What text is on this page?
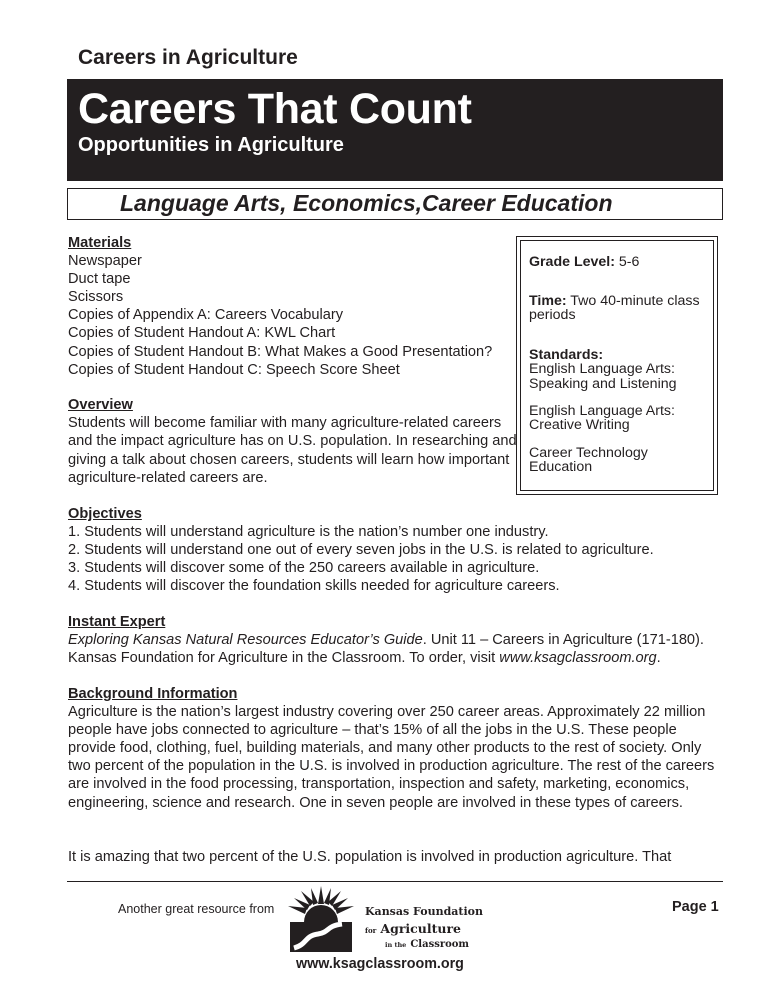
Careers in Agriculture
Careers That Count
Opportunities in Agriculture
Language Arts, Economics,Career Education
Materials
Newspaper
Duct tape
Scissors
Copies of Appendix A: Careers Vocabulary
Copies of Student Handout A: KWL Chart
Copies of Student Handout B: What Makes a Good Presentation?
Copies of Student Handout C: Speech Score Sheet
Grade Level: 5-6
Time: Two 40-minute class periods
Standards:
English Language Arts: Speaking and Listening
English Language Arts: Creative Writing
Career Technology Education
Overview
Students will become familiar with many agriculture-related careers and the impact agriculture has on U.S. population. In researching and giving a talk about chosen careers, students will learn how important agriculture-related careers are.
Objectives
1. Students will understand agriculture is the nation’s number one industry.
2. Students will understand one out of every seven jobs in the U.S. is related to agriculture.
3. Students will discover some of the 250 careers available in agriculture.
4. Students will discover the foundation skills needed for agriculture careers.
Instant Expert
Exploring Kansas Natural Resources Educator’s Guide. Unit 11 – Careers in Agriculture (171-180). Kansas Foundation for Agriculture in the Classroom. To order, visit www.ksagclassroom.org.
Background Information
Agriculture is the nation’s largest industry covering over 250 career areas. Approximately 22 million people have jobs connected to agriculture – that’s 15% of all the jobs in the U.S. These people provide food, clothing, fuel, building materials, and many other products to the rest of society. Only two percent of the population in the U.S. is involved in production agriculture. The rest of the careers are involved in the food processing, transportation, inspection and safety, marketing, economics, engineering, science and research. One in seven people are involved in these types of careers.
It is amazing that two percent of the U.S. population is involved in production agriculture. That
Another great resource from	Kansas Foundation
for Agriculture
in the Classroom
www.ksagclassroom.org
Page 1
